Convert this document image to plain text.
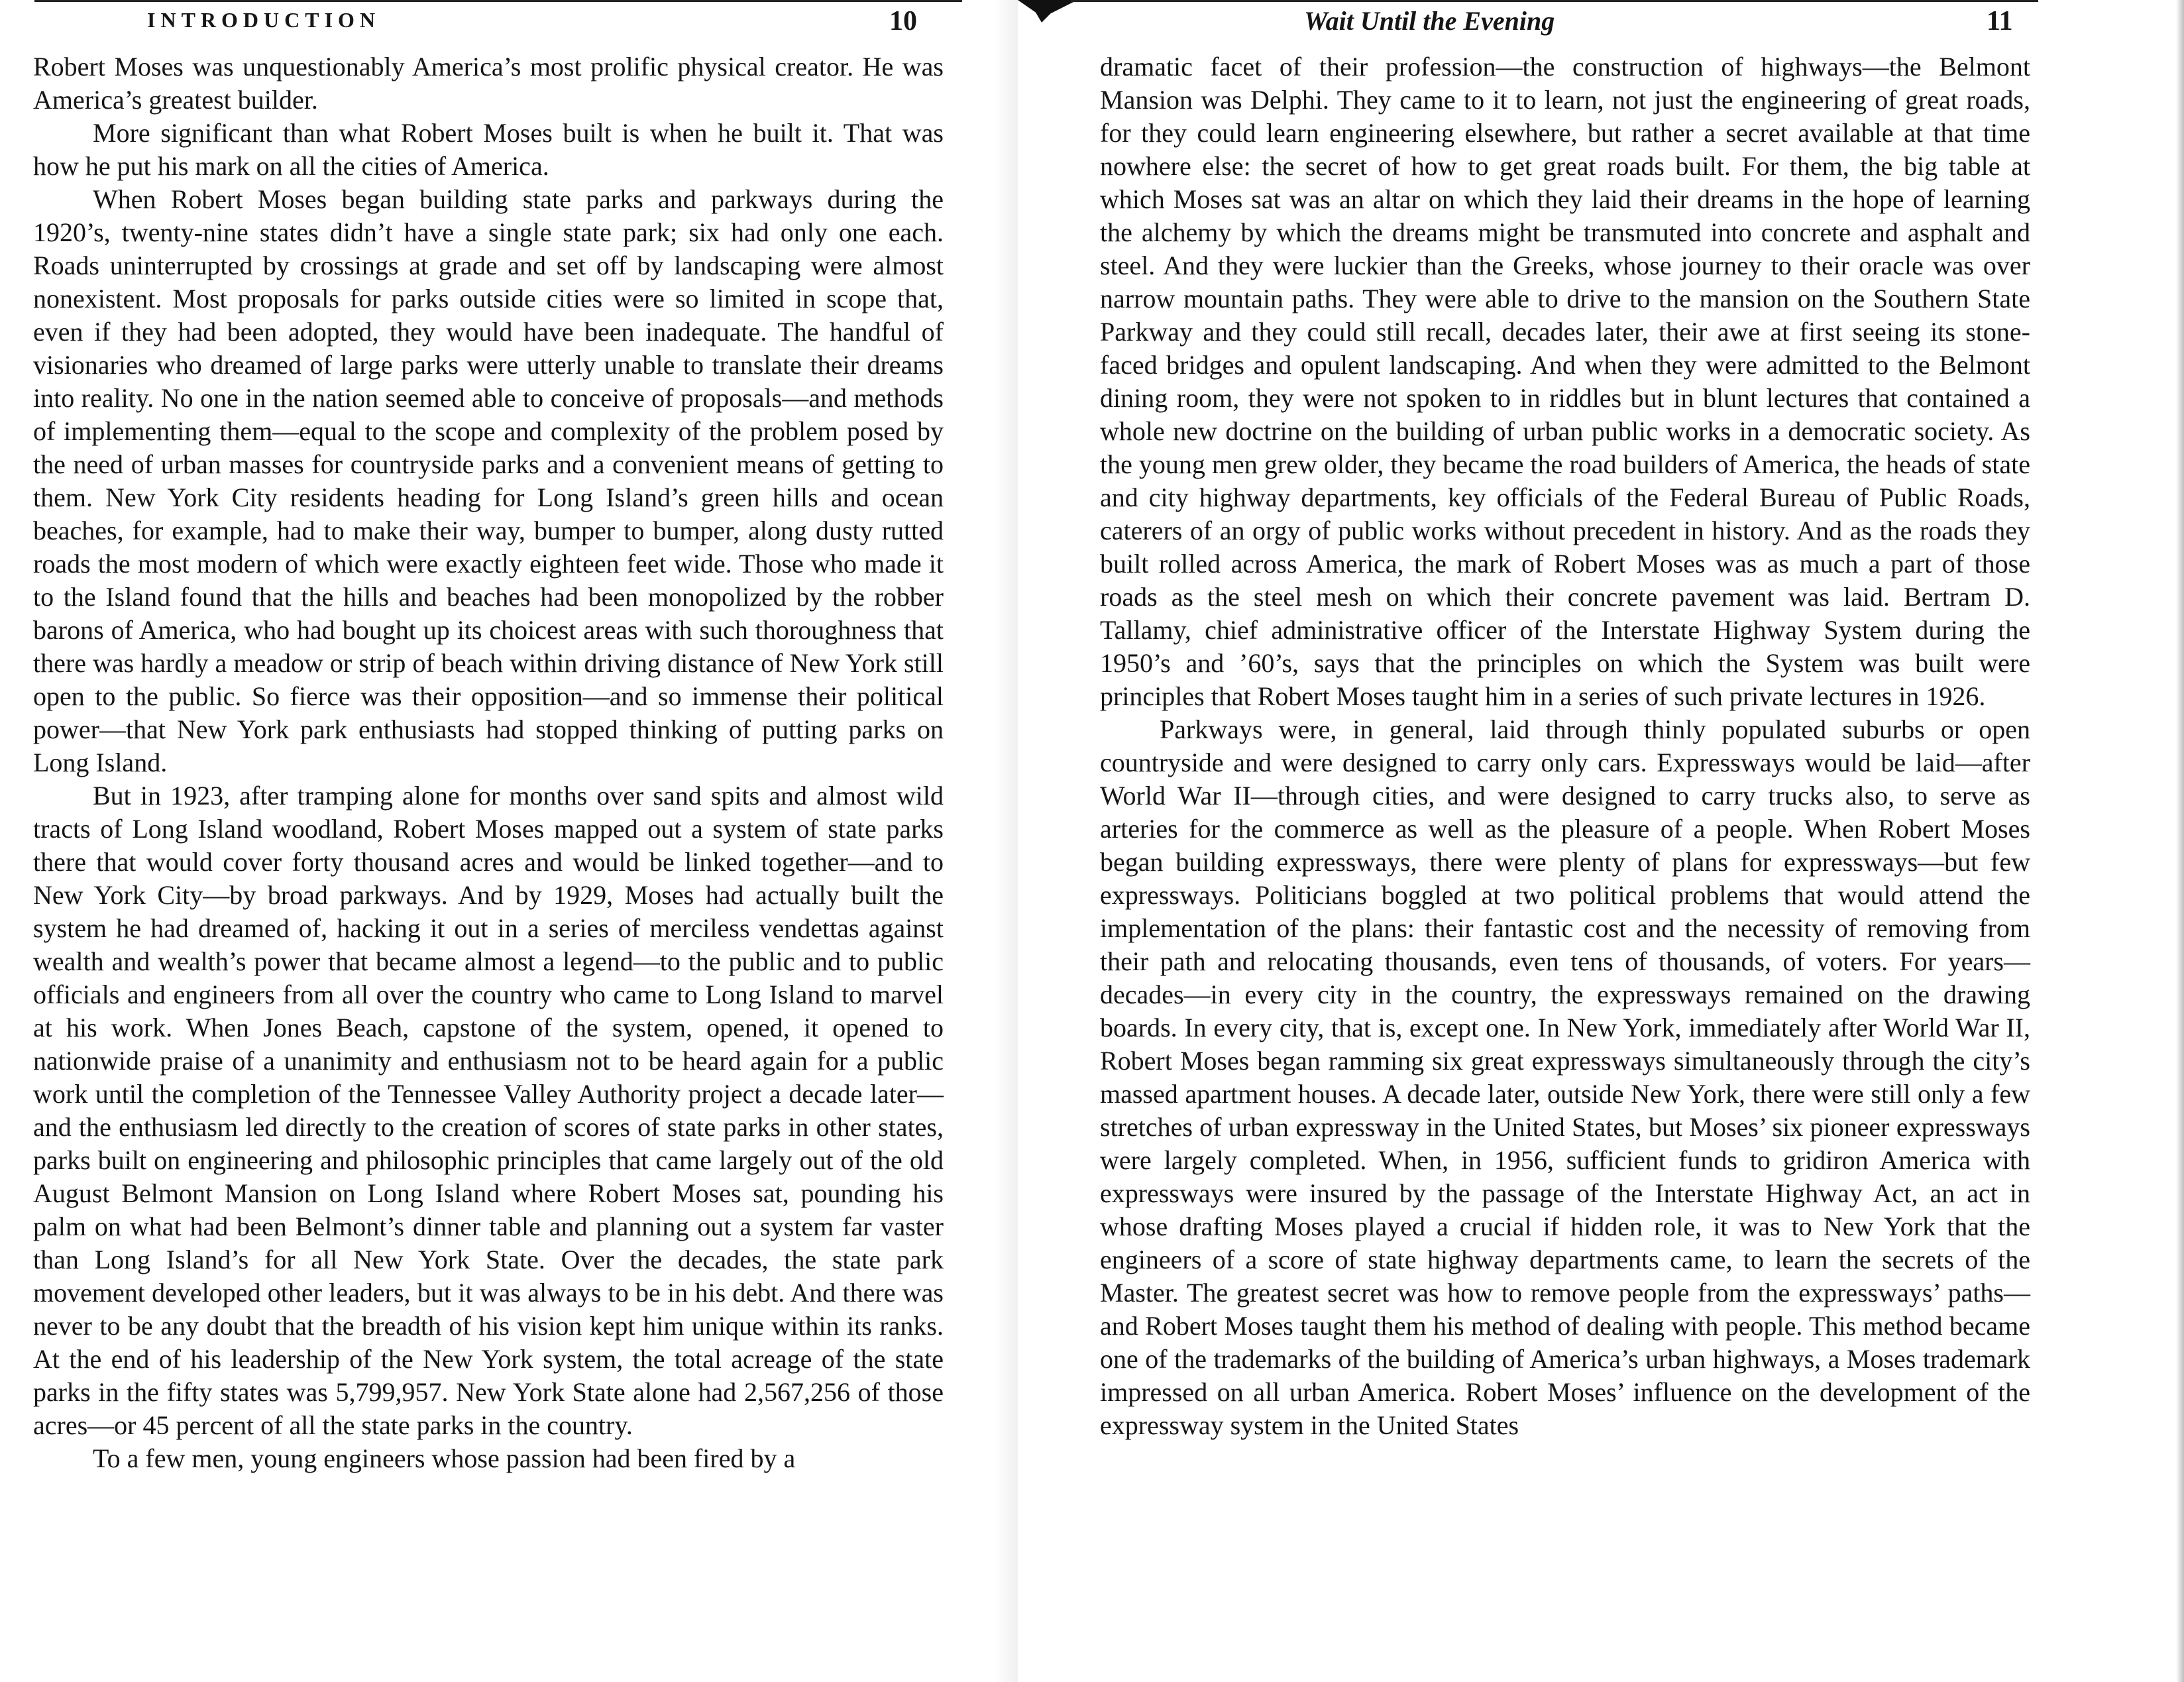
INTRODUCTION	10

Robert Moses was unquestionably America’s most prolific physical creator. He was America’s greatest builder.

More significant than what Robert Moses built is when he built it. That was how he put his mark on all the cities of America.

When Robert Moses began building state parks and parkways during the 1920’s, twenty-nine states didn’t have a single state park; six had only one each. Roads uninterrupted by crossings at grade and set off by landscaping were almost nonexistent. Most proposals for parks outside cities were so limited in scope that, even if they had been adopted, they would have been inadequate. The handful of visionaries who dreamed of large parks were utterly unable to translate their dreams into reality. No one in the nation seemed able to conceive of proposals—and methods of implementing them—equal to the scope and complexity of the problem posed by the need of urban masses for countryside parks and a convenient means of getting to them. New York City residents heading for Long Island’s green hills and ocean beaches, for example, had to make their way, bumper to bumper, along dusty rutted roads the most modern of which were exactly eighteen feet wide. Those who made it to the Island found that the hills and beaches had been monopolized by the robber barons of America, who had bought up its choicest areas with such thoroughness that there was hardly a meadow or strip of beach within driving distance of New York still open to the public. So fierce was their opposition—and so immense their political power—that New York park enthusiasts had stopped thinking of putting parks on Long Island.

But in 1923, after tramping alone for months over sand spits and almost wild tracts of Long Island woodland, Robert Moses mapped out a system of state parks there that would cover forty thousand acres and would be linked together—and to New York City—by broad parkways. And by 1929, Moses had actually built the system he had dreamed of, hacking it out in a series of merciless vendettas against wealth and wealth’s power that became almost a legend—to the public and to public officials and engineers from all over the country who came to Long Island to marvel at his work. When Jones Beach, capstone of the system, opened, it opened to nationwide praise of a unanimity and enthusiasm not to be heard again for a public work until the completion of the Tennessee Valley Authority project a decade later—and the enthusiasm led directly to the creation of scores of state parks in other states, parks built on engineering and philosophic principles that came largely out of the old August Belmont Mansion on Long Island where Robert Moses sat, pounding his palm on what had been Belmont’s dinner table and planning out a system far vaster than Long Island’s for all New York State. Over the decades, the state park movement developed other leaders, but it was always to be in his debt. And there was never to be any doubt that the breadth of his vision kept him unique within its ranks. At the end of his leadership of the New York system, the total acreage of the state parks in the fifty states was 5,799,957. New York State alone had 2,567,256 of those acres—or 45 percent of all the state parks in the country.

To a few men, young engineers whose passion had been fired by a

Wait Until the Evening	11

dramatic facet of their profession—the construction of highways—the Belmont Mansion was Delphi. They came to it to learn, not just the engineering of great roads, for they could learn engineering elsewhere, but rather a secret available at that time nowhere else: the secret of how to get great roads built. For them, the big table at which Moses sat was an altar on which they laid their dreams in the hope of learning the alchemy by which the dreams might be transmuted into concrete and asphalt and steel. And they were luckier than the Greeks, whose journey to their oracle was over narrow mountain paths. They were able to drive to the mansion on the Southern State Parkway and they could still recall, decades later, their awe at first seeing its stone-faced bridges and opulent landscaping. And when they were admitted to the Belmont dining room, they were not spoken to in riddles but in blunt lectures that contained a whole new doctrine on the building of urban public works in a democratic society. As the young men grew older, they became the road builders of America, the heads of state and city highway departments, key officials of the Federal Bureau of Public Roads, caterers of an orgy of public works without precedent in history. And as the roads they built rolled across America, the mark of Robert Moses was as much a part of those roads as the steel mesh on which their concrete pavement was laid. Bertram D. Tallamy, chief administrative officer of the Interstate Highway System during the 1950’s and ’60’s, says that the principles on which the System was built were principles that Robert Moses taught him in a series of such private lectures in 1926.

Parkways were, in general, laid through thinly populated suburbs or open countryside and were designed to carry only cars. Expressways would be laid—after World War II—through cities, and were designed to carry trucks also, to serve as arteries for the commerce as well as the pleasure of a people. When Robert Moses began building expressways, there were plenty of plans for expressways—but few expressways. Politicians boggled at two political problems that would attend the implementation of the plans: their fantastic cost and the necessity of removing from their path and relocating thousands, even tens of thousands, of voters. For years—decades—in every city in the country, the expressways remained on the drawing boards. In every city, that is, except one. In New York, immediately after World War II, Robert Moses began ramming six great expressways simultaneously through the city’s massed apartment houses. A decade later, outside New York, there were still only a few stretches of urban expressway in the United States, but Moses’ six pioneer expressways were largely completed. When, in 1956, sufficient funds to gridiron America with expressways were insured by the passage of the Interstate Highway Act, an act in whose drafting Moses played a crucial if hidden role, it was to New York that the engineers of a score of state highway departments came, to learn the secrets of the Master. The greatest secret was how to remove people from the expressways’ paths—and Robert Moses taught them his method of dealing with people. This method became one of the trademarks of the building of America’s urban highways, a Moses trademark impressed on all urban America. Robert Moses’ influence on the development of the expressway system in the United States
